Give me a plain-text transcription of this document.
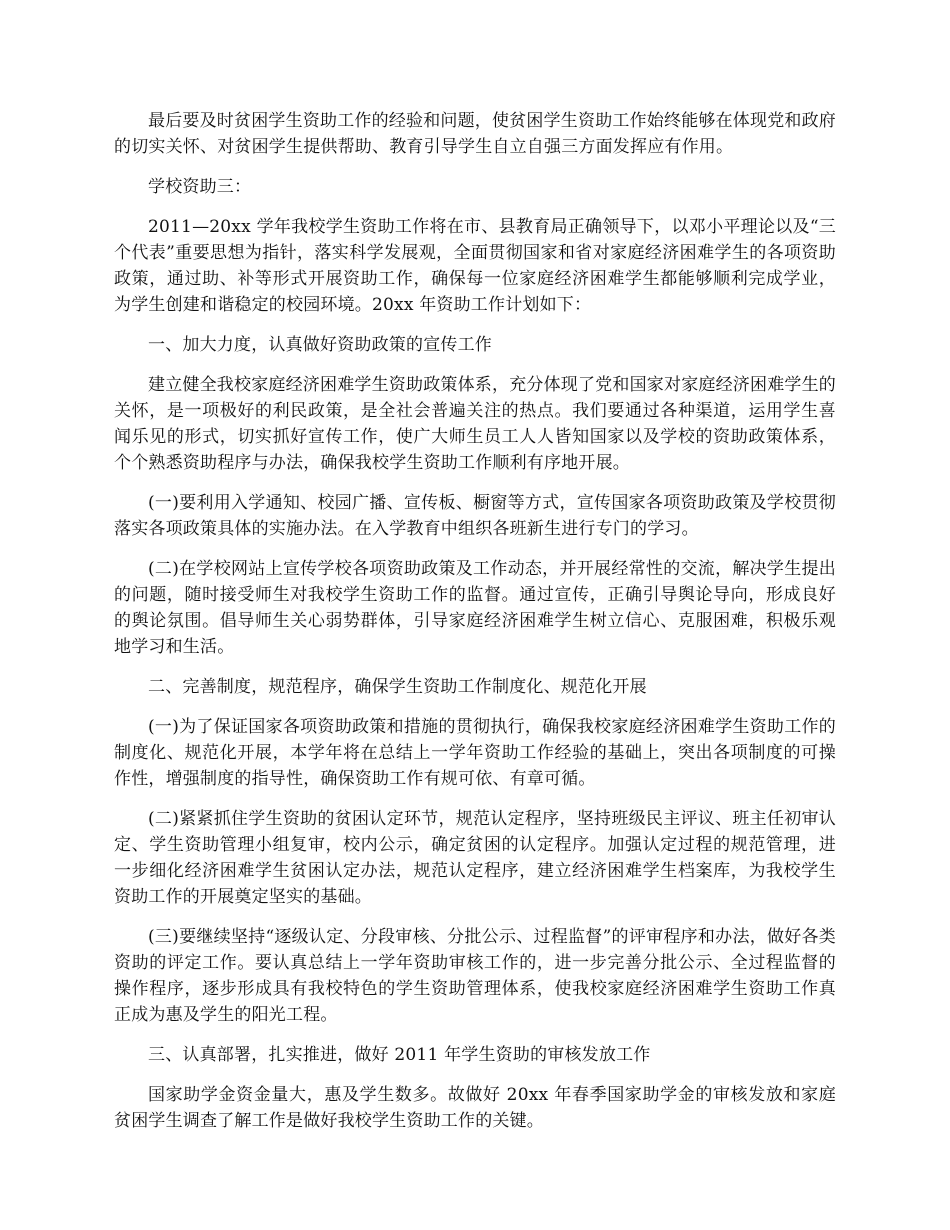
最后要及时贫困学生资助工作的经验和问题，使贫困学生资助工作始终能够在体现党和政府的切实关怀、对贫困学生提供帮助、教育引导学生自立自强三方面发挥应有作用。

学校资助三：

2011—20xx 学年我校学生资助工作将在市、县教育局正确领导下，以邓小平理论以及“三个代表”重要思想为指针，落实科学发展观，全面贯彻国家和省对家庭经济困难学生的各项资助政策，通过助、补等形式开展资助工作，确保每一位家庭经济困难学生都能够顺利完成学业，为学生创建和谐稳定的校园环境。20xx 年资助工作计划如下：

一、加大力度，认真做好资助政策的宣传工作

建立健全我校家庭经济困难学生资助政策体系，充分体现了党和国家对家庭经济困难学生的关怀，是一项极好的利民政策，是全社会普遍关注的热点。我们要通过各种渠道，运用学生喜闻乐见的形式，切实抓好宣传工作，使广大师生员工人人皆知国家以及学校的资助政策体系，个个熟悉资助程序与办法，确保我校学生资助工作顺利有序地开展。

(一)要利用入学通知、校园广播、宣传板、橱窗等方式，宣传国家各项资助政策及学校贯彻落实各项政策具体的实施办法。在入学教育中组织各班新生进行专门的学习。

(二)在学校网站上宣传学校各项资助政策及工作动态，并开展经常性的交流，解决学生提出的问题，随时接受师生对我校学生资助工作的监督。通过宣传，正确引导舆论导向，形成良好的舆论氛围。倡导师生关心弱势群体，引导家庭经济困难学生树立信心、克服困难，积极乐观地学习和生活。

二、完善制度，规范程序，确保学生资助工作制度化、规范化开展

(一)为了保证国家各项资助政策和措施的贯彻执行，确保我校家庭经济困难学生资助工作的制度化、规范化开展，本学年将在总结上一学年资助工作经验的基础上，突出各项制度的可操作性，增强制度的指导性，确保资助工作有规可依、有章可循。

(二)紧紧抓住学生资助的贫困认定环节，规范认定程序，坚持班级民主评议、班主任初审认定、学生资助管理小组复审，校内公示，确定贫困的认定程序。加强认定过程的规范管理，进一步细化经济困难学生贫困认定办法，规范认定程序，建立经济困难学生档案库，为我校学生资助工作的开展奠定坚实的基础。

(三)要继续坚持“逐级认定、分段审核、分批公示、过程监督”的评审程序和办法，做好各类资助的评定工作。要认真总结上一学年资助审核工作的，进一步完善分批公示、全过程监督的操作程序，逐步形成具有我校特色的学生资助管理体系，使我校家庭经济困难学生资助工作真正成为惠及学生的阳光工程。

三、认真部署，扎实推进，做好 2011 年学生资助的审核发放工作

国家助学金资金量大，惠及学生数多。故做好 20xx 年春季国家助学金的审核发放和家庭贫困学生调查了解工作是做好我校学生资助工作的关键。
